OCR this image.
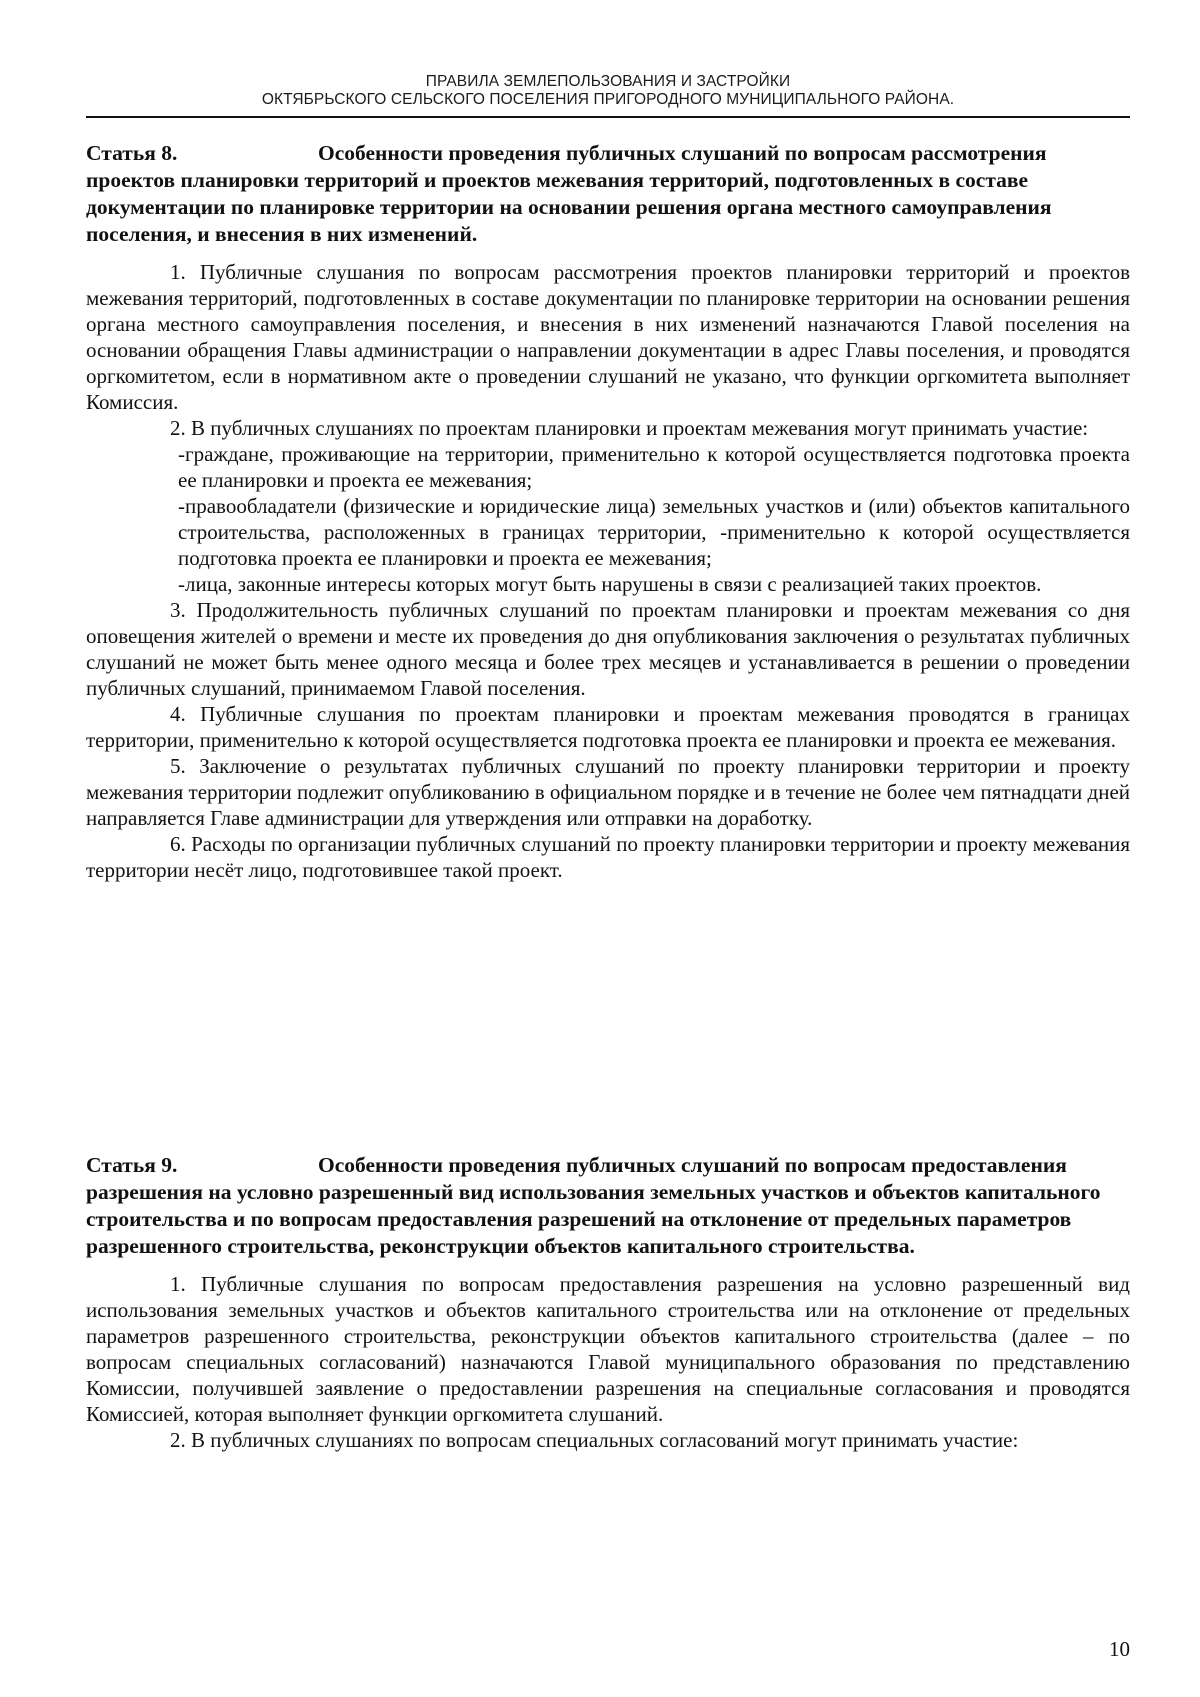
ПРАВИЛА ЗЕМЛЕПОЛЬЗОВАНИЯ И ЗАСТРОЙКИ
ОКТЯБРЬСКОГО СЕЛЬСКОГО ПОСЕЛЕНИЯ ПРИГОРОДНОГО МУНИЦИПАЛЬНОГО РАЙОНА.
Статья 8.	Особенности проведения публичных слушаний по вопросам рассмотрения проектов планировки территорий и проектов межевания территорий, подготовленных в составе документации по планировке территории на основании решения органа местного самоуправления поселения, и внесения в них изменений.

1. Публичные слушания по вопросам рассмотрения проектов планировки территорий и проектов межевания территорий, подготовленных в составе документации по планировке территории на основании решения органа местного самоуправления поселения, и внесения в них изменений назначаются Главой поселения на основании обращения Главы администрации о направлении документации в адрес Главы поселения, и проводятся оргкомитетом, если в нормативном акте о проведении слушаний не указано, что функции оргкомитета выполняет Комиссия.

2. В публичных слушаниях по проектам планировки и проектам межевания могут принимать участие:

-граждане, проживающие на территории, применительно к которой осуществляется подготовка проекта ее планировки и проекта ее межевания;

-правообладатели (физические и юридические лица) земельных участков и (или) объектов капитального строительства, расположенных в границах территории, -применительно к которой осуществляется подготовка проекта ее планировки и проекта ее межевания;

-лица, законные интересы которых могут быть нарушены в связи с реализацией таких проектов.

3. Продолжительность публичных слушаний по проектам планировки и проектам межевания со дня оповещения жителей о времени и месте их проведения до дня опубликования заключения о результатах публичных слушаний не может быть менее одного месяца и более трех месяцев и устанавливается в решении о проведении публичных слушаний, принимаемом Главой поселения.

4. Публичные слушания по проектам планировки и проектам межевания проводятся в границах территории, применительно к которой осуществляется подготовка проекта ее планировки и проекта ее межевания.

5. Заключение о результатах публичных слушаний по проекту планировки территории и проекту межевания территории подлежит опубликованию в официальном порядке и в течение не более чем пятнадцати дней направляется Главе администрации для утверждения или отправки на доработку.

6. Расходы по организации публичных слушаний по проекту планировки территории и проекту межевания территории несёт лицо, подготовившее такой проект.

Статья 9.	Особенности проведения публичных слушаний по вопросам предоставления разрешения на условно разрешенный вид использования земельных участков и объектов капитального строительства и по вопросам предоставления разрешений на отклонение от предельных параметров разрешенного строительства, реконструкции объектов капитального строительства.

1. Публичные слушания по вопросам предоставления разрешения на условно разрешенный вид использования земельных участков и объектов капитального строительства или на отклонение от предельных параметров разрешенного строительства, реконструкции объектов капитального строительства (далее – по вопросам специальных согласований) назначаются Главой муниципального образования по представлению Комиссии, получившей заявление о предоставлении разрешения на специальные согласования и проводятся Комиссией, которая выполняет функции оргкомитета слушаний.

2. В публичных слушаниях по вопросам специальных согласований могут принимать участие:

10
